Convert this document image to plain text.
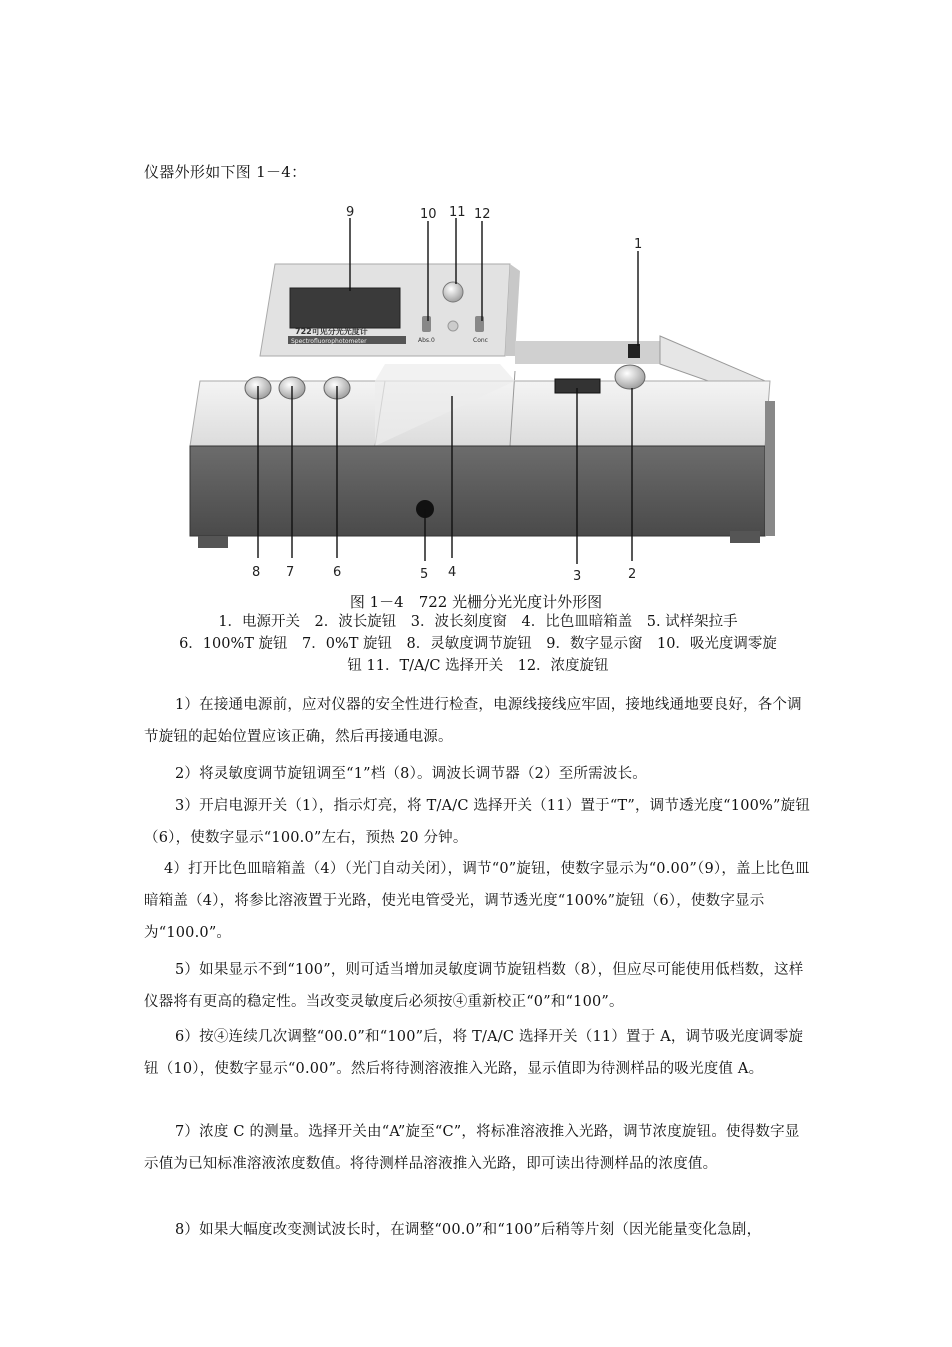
仪器外形如下图 1－4：
722可见分光光度计
Spectrofluorophotometer	Abs.0	Conc
9	10 11 12
1
8 7	6	5 4	3	2
图 1－4　722 光栅分光光度计外形图
1．电源开关　2．波长旋钮　3．波长刻度窗　4．比色皿暗箱盖　5. 试样架拉手
6．100%T 旋钮　7．0%T 旋钮　8．灵敏度调节旋钮　9．数字显示窗　10．吸光度调零旋
钮 11．T/A/C 选择开关　12．浓度旋钮

1）在接通电源前，应对仪器的安全性进行检查，电源线接线应牢固，接地线通地要良好，各个调节旋钮的起始位置应该正确，然后再接通电源。

2）将灵敏度调节旋钮调至“1”档（8）。调波长调节器（2）至所需波长。

3）开启电源开关（1），指示灯亮，将 T/A/C 选择开关（11）置于“T”，调节透光度“100%”旋钮（6），使数字显示“100.0”左右，预热 20 分钟。

4）打开比色皿暗箱盖（4）（光门自动关闭），调节“0”旋钮，使数字显示为“0.00”（9），盖上比色皿暗箱盖（4），将参比溶液置于光路，使光电管受光，调节透光度“100%”旋钮（6），使数字显示为“100.0”。

5）如果显示不到“100”，则可适当增加灵敏度调节旋钮档数（8），但应尽可能使用低档数，这样仪器将有更高的稳定性。当改变灵敏度后必须按④重新校正“0”和“100”。

6）按④连续几次调整“00.0”和“100”后，将 T/A/C 选择开关（11）置于 A，调节吸光度调零旋钮（10），使数字显示“0.00”。然后将待测溶液推入光路，显示值即为待测样品的吸光度值 A。

7）浓度 C 的测量。选择开关由“A”旋至“C”，将标准溶液推入光路，调节浓度旋钮。使得数字显示值为已知标准溶液浓度数值。将待测样品溶液推入光路，即可读出待测样品的浓度值。

8）如果大幅度改变测试波长时，在调整“00.0”和“100”后稍等片刻（因光能量变化急剧，
